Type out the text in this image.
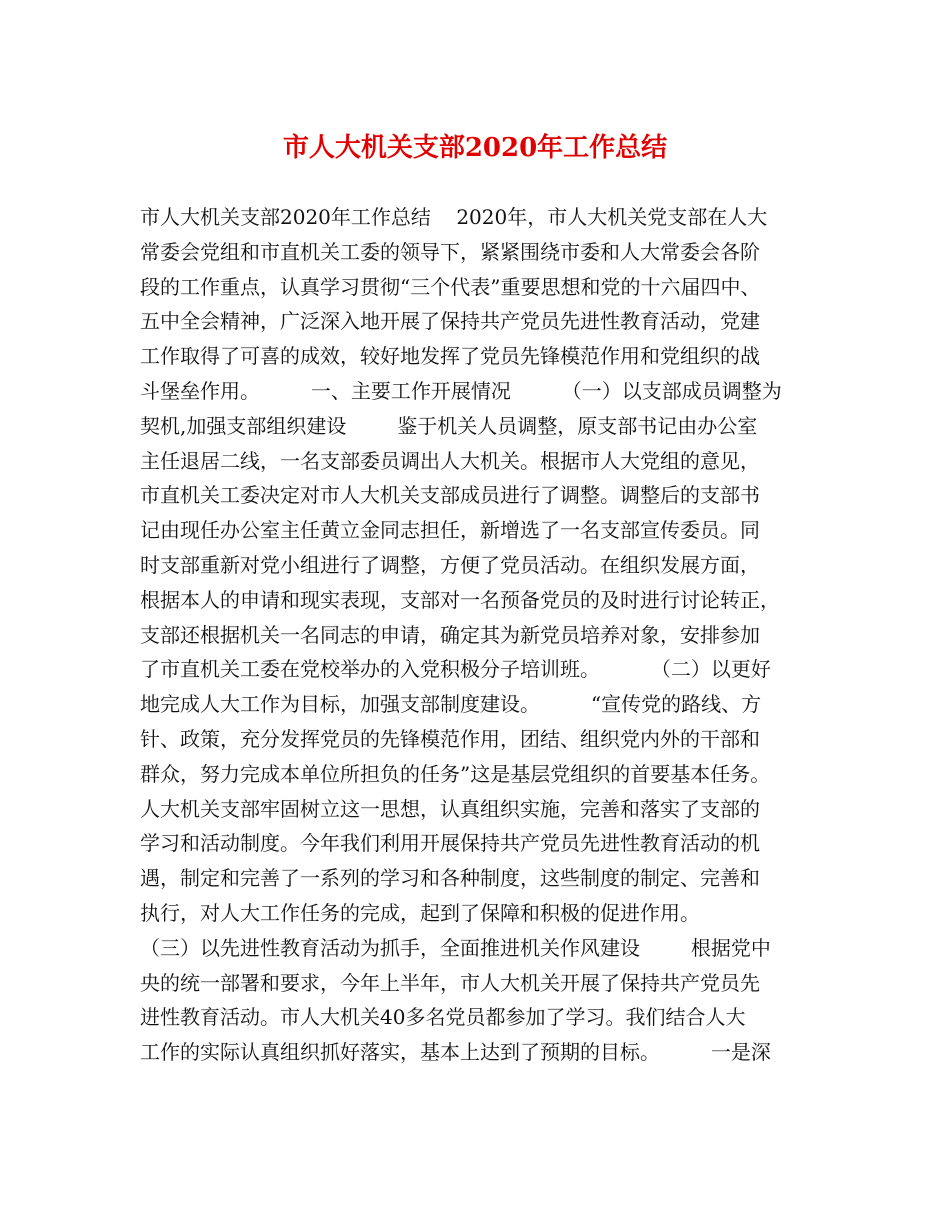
市人大机关支部2020年工作总结
市人大机关支部2020年工作总结    2020年，市人大机关党支部在人大
常委会党组和市直机关工委的领导下，紧紧围绕市委和人大常委会各阶
段的工作重点，认真学习贯彻“三个代表”重要思想和党的十六届四中、
五中全会精神，广泛深入地开展了保持共产党员先进性教育活动，党建
工作取得了可喜的成效，较好地发挥了党员先锋模范作用和党组织的战
斗堡垒作用。        一、主要工作开展情况        （一）以支部成员调整为
契机,加强支部组织建设        鉴于机关人员调整，原支部书记由办公室
主任退居二线，一名支部委员调出人大机关。根据市人大党组的意见，
市直机关工委决定对市人大机关支部成员进行了调整。调整后的支部书
记由现任办公室主任黄立金同志担任，新增选了一名支部宣传委员。同
时支部重新对党小组进行了调整，方便了党员活动。在组织发展方面，
根据本人的申请和现实表现，支部对一名预备党员的及时进行讨论转正，
支部还根据机关一名同志的申请，确定其为新党员培养对象，安排参加
了市直机关工委在党校举办的入党积极分子培训班。        （二）以更好
地完成人大工作为目标，加强支部制度建设。        “宣传党的路线、方
针、政策，充分发挥党员的先锋模范作用，团结、组织党内外的干部和
群众，努力完成本单位所担负的任务”这是基层党组织的首要基本任务。
人大机关支部牢固树立这一思想，认真组织实施，完善和落实了支部的
学习和活动制度。今年我们利用开展保持共产党员先进性教育活动的机
遇，制定和完善了一系列的学习和各种制度，这些制度的制定、完善和
执行，对人大工作任务的完成，起到了保障和积极的促进作用。
（三）以先进性教育活动为抓手，全面推进机关作风建设        根据党中
央的统一部署和要求，今年上半年，市人大机关开展了保持共产党员先
进性教育活动。市人大机关40多名党员都参加了学习。我们结合人大
工作的实际认真组织抓好落实，基本上达到了预期的目标。        一是深
